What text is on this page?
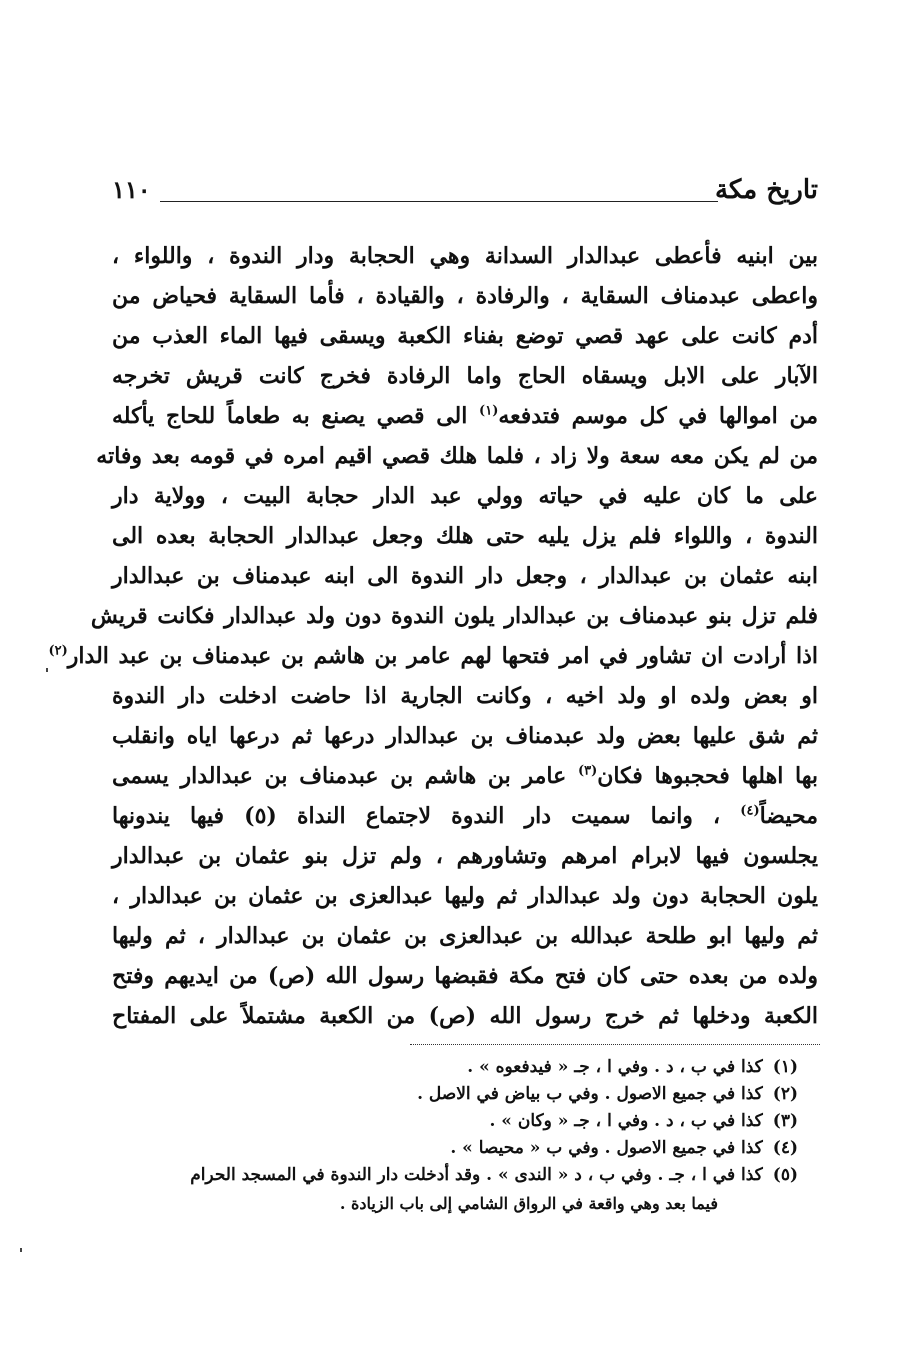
تاريخ مكة
١١٠
بين ابنيه فأعطى عبدالدار السدانة وهي الحجابة ودار الندوة ، واللواء ،
واعطى عبدمناف السقاية ، والرفادة ، والقيادة ، فأما السقاية فحياض من
أدم كانت على عهد قصي توضع بفناء الكعبة ويسقى فيها الماء العذب من
الآبار على الابل ويسقاه الحاج واما الرفادة فخرج كانت قريش تخرجه
من اموالها في كل موسم فتدفعه$^{(١)}$ الى قصي يصنع به طعاماً للحاج يأكله
من لم يكن معه سعة ولا زاد ، فلما هلك قصي اقيم امره في قومه بعد وفاته
على ما كان عليه في حياته وولي عبد الدار حجابة البيت ، وولاية دار
الندوة ، واللواء فلم يزل يليه حتى هلك وجعل عبدالدار الحجابة بعده الى
ابنه عثمان بن عبدالدار ، وجعل دار الندوة الى ابنه عبدمناف بن عبدالدار
فلم تزل بنو عبدمناف بن عبدالدار يلون الندوة دون ولد عبدالدار فكانت قريش
اذا أرادت ان تشاور في امر فتحها لهم عامر بن هاشم بن عبدمناف بن عبد الدار$^{(٢)}$
او بعض ولده او ولد اخيه ، وكانت الجارية اذا حاضت ادخلت دار الندوة
ثم شق عليها بعض ولد عبدمناف بن عبدالدار درعها ثم درعها اياه وانقلب
بها اهلها فحجبوها فكان$^{(٣)}$ عامر بن هاشم بن عبدمناف بن عبدالدار يسمى
محيضاً$^{(٤)}$ ، وانما سميت دار الندوة لاجتماع النداة (٥) فيها يندونها
يجلسون فيها لابرام امرهم وتشاورهم ، ولم تزل بنو عثمان بن عبدالدار
يلون الحجابة دون ولد عبدالدار ثم وليها عبدالعزى بن عثمان بن عبدالدار ،
ثم وليها ابو طلحة عبدالله بن عبدالعزى بن عثمان بن عبدالدار ، ثم وليها
ولده من بعده حتى كان فتح مكة فقبضها رسول الله (ص) من ايديهم وفتح
الكعبة ودخلها ثم خرج رسول الله (ص) من الكعبة مشتملاً على المفتاح
(١)كذا في ب ، د . وفي ا ، جـ « فيدفعوه » .
(٢)كذا في جميع الاصول . وفي ب بياض في الاصل .
(٣)كذا في ب ، د . وفي ا ، جـ « وكان » .
(٤)كذا في جميع الاصول . وفي ب « محيصا » .
(٥)كذا في ا ، جـ . وفي ب ، د « الندى » . وقد أدخلت دار الندوة في المسجد الحرام
فيما بعد وهي واقعة في الرواق الشامي إلى باب الزيادة .
